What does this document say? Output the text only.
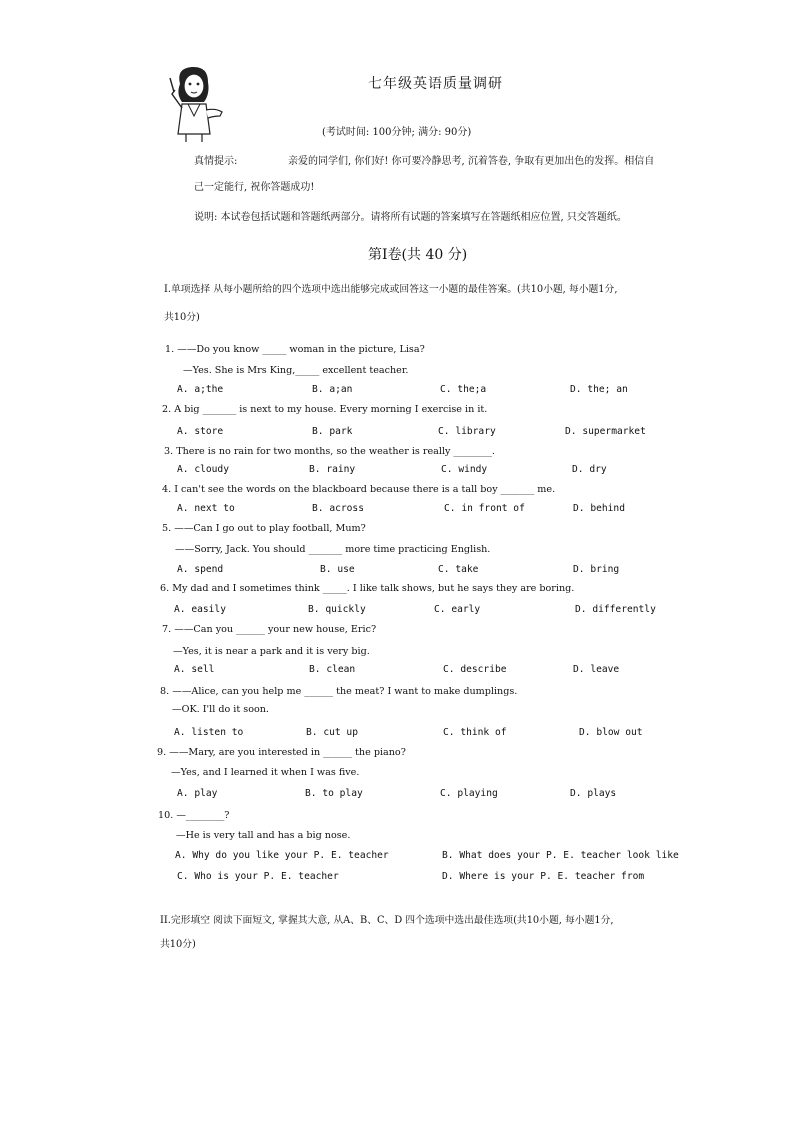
七年级英语质量调研
(考试时间: 100分钟; 满分: 90分)
真情提示:	亲爱的同学们, 你们好! 你可要冷静思考, 沉着答卷, 争取有更加出色的发挥。相信自
己一定能行, 祝你答题成功!
说明: 本试卷包括试题和答题纸两部分。请将所有试题的答案填写在答题纸相应位置, 只交答题纸。
第Ⅰ卷(共 40 分)
Ⅰ.单项选择 从每小题所给的四个选项中选出能够完成或回答这一小题的最佳答案。(共10小题, 每小题1分,
共10分)
1. ——Do you know _____ woman in the picture, Lisa?
—Yes. She is Mrs King,_____ excellent teacher.
A. a;the	B. a;an	C. the;a	D. the; an
2. A big _______ is next to my house. Every morning I exercise in it.
A. store	B. park	C. library	D. supermarket
3. There is no rain for two months, so the weather is really ________.
A. cloudy	B. rainy	C. windy	D. dry
4. I can't see the words on the blackboard because there is a tall boy _______ me.
A. next to	B. across	C. in front of	D. behind
5. ——Can I go out to play football, Mum?
——Sorry, Jack. You should _______ more time practicing English.
A. spend	B. use	C. take	D. bring
6. My dad and I sometimes think _____. I like talk shows, but he says they are boring.
A. easily	B. quickly	C. early	D. differently
7. ——Can you ______ your new house, Eric?
—Yes, it is near a park and it is very big.
A. sell	B. clean	C. describe	D. leave
8. ——Alice, can you help me ______ the meat? I want to make dumplings.
—OK. I'll do it soon.
A. listen to	B. cut up	C. think of	D. blow out
9. ——Mary, are you interested in ______ the piano?
—Yes, and I learned it when I was five.
A. play	B. to play	C. playing	D. plays
10. —________?
—He is very tall and has a big nose.
A. Why do you like your P. E. teacher	B. What does your P. E. teacher look like
C. Who is your P. E. teacher	D. Where is your P. E. teacher from
II.完形填空 阅读下面短文, 掌握其大意, 从A、B、C、D 四个选项中选出最佳选项(共10小题, 每小题1分,
共10分)
